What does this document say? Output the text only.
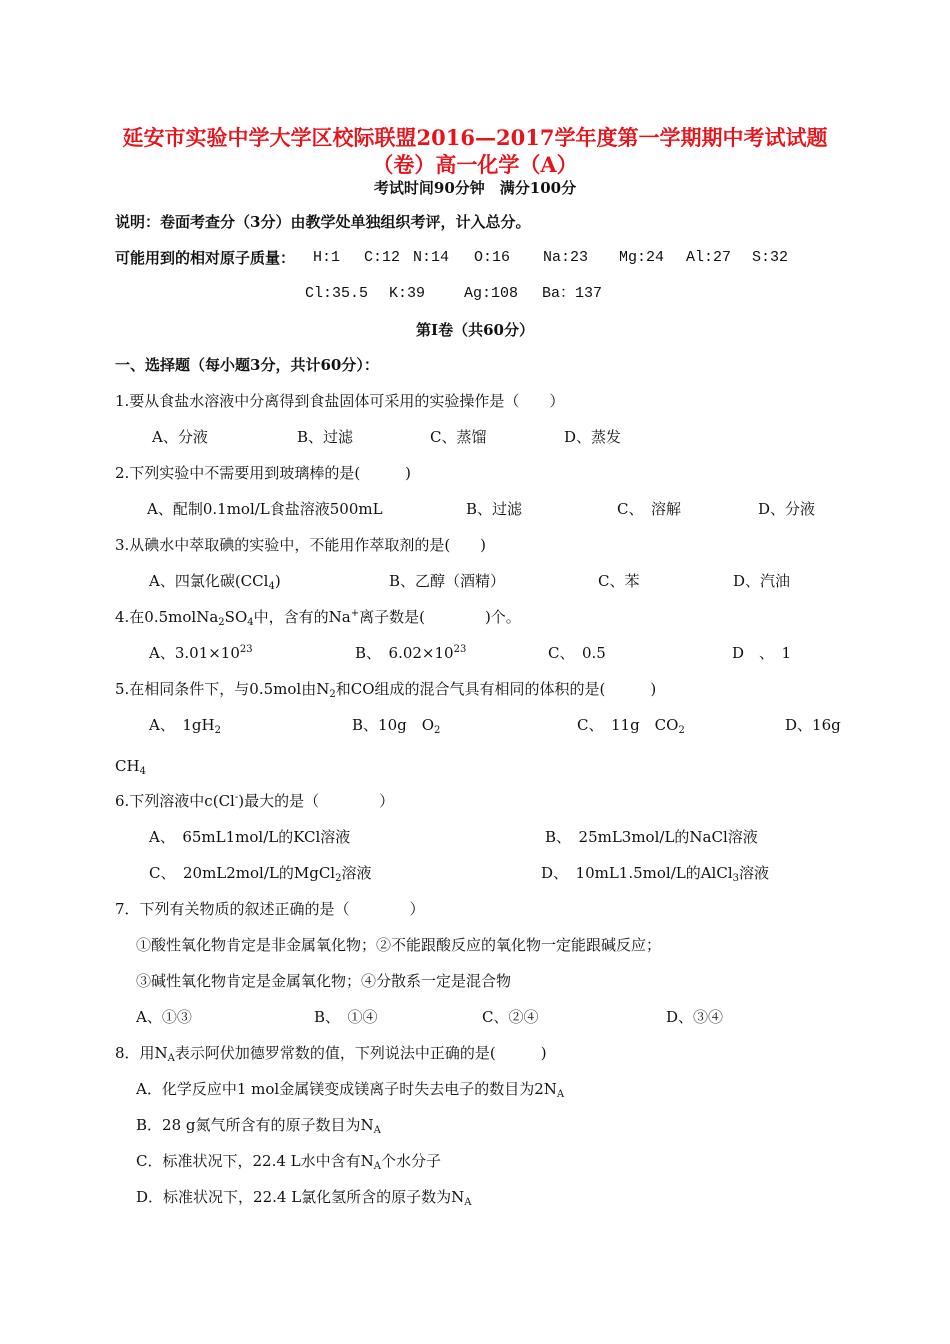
延安市实验中学大学区校际联盟2016—2017学年度第一学期期中考试试题
（卷）高一化学（A）
考试时间90分钟　满分100分
说明：卷面考查分（3分）由教学处单独组织考评，计入总分。
可能用到的相对原子质量： H:1 C:12 N:14 O:16 Na:23 Mg:24 Al:27 S:32
Cl:35.5 K:39	Ag:108 Ba：137
第Ⅰ卷（共60分）
一、选择题（每小题3分，共计60分）：
1.要从食盐水溶液中分离得到食盐固体可采用的实验操作是（　　）
A、分液	B、过滤	C、蒸馏	D、蒸发
2.下列实验中不需要用到玻璃棒的是(　　　)
A、配制0.1mol/L食盐溶液500mL	B、过滤	C、　溶解	D、分液
3.从碘水中萃取碘的实验中，不能用作萃取剂的是(　　)
A、四氯化碳(CCl$_4$)	B、乙醇（酒精）	C、苯	D、汽油
4.在$0.5molNa_2SO_4$中，含有的Na+离子数是(　　　　)个。
A、$3.01\times 10^{23}$	B、　$6.02\times 10^{23}$	C、　0.5	D　、　1
5.在相同条件下，与0.5mol由$N_2$和CO组成的混合气具有相同的体积的是(　　　)
A、　$1gH_2$	B、10g　$O_2$	C、　11g　$CO_2$	D、16g
$CH_4$
6.下列溶液中c(Cl-)最大的是（　　　　）
A、　65mL1mol/L的KCl溶液	B、　25mL3mol/L的NaCl溶液
C、　20mL2mol/L的MgCl$_2$溶液	D、　10mL1.5mol/L的AlCl$_3$溶液
7．下列有关物质的叙述正确的是（　　　　）
①酸性氧化物肯定是非金属氧化物；②不能跟酸反应的氧化物一定能跟碱反应；
③碱性氧化物肯定是金属氧化物；④分散系一定是混合物
A、①③	B、　①④	C、②④	D、③④
8．用$N_A$表示阿伏加德罗常数的值，下列说法中正确的是(　　　)
A．化学反应中1 mol金属镁变成镁离子时失去电子的数目为$2N_A$
B．28 g氮气所含有的原子数目为$N_A$
C．标准状况下，22.4 L水中含有$N_A$个水分子
D．标准状况下，22.4 L氯化氢所含的原子数为$N_A$
